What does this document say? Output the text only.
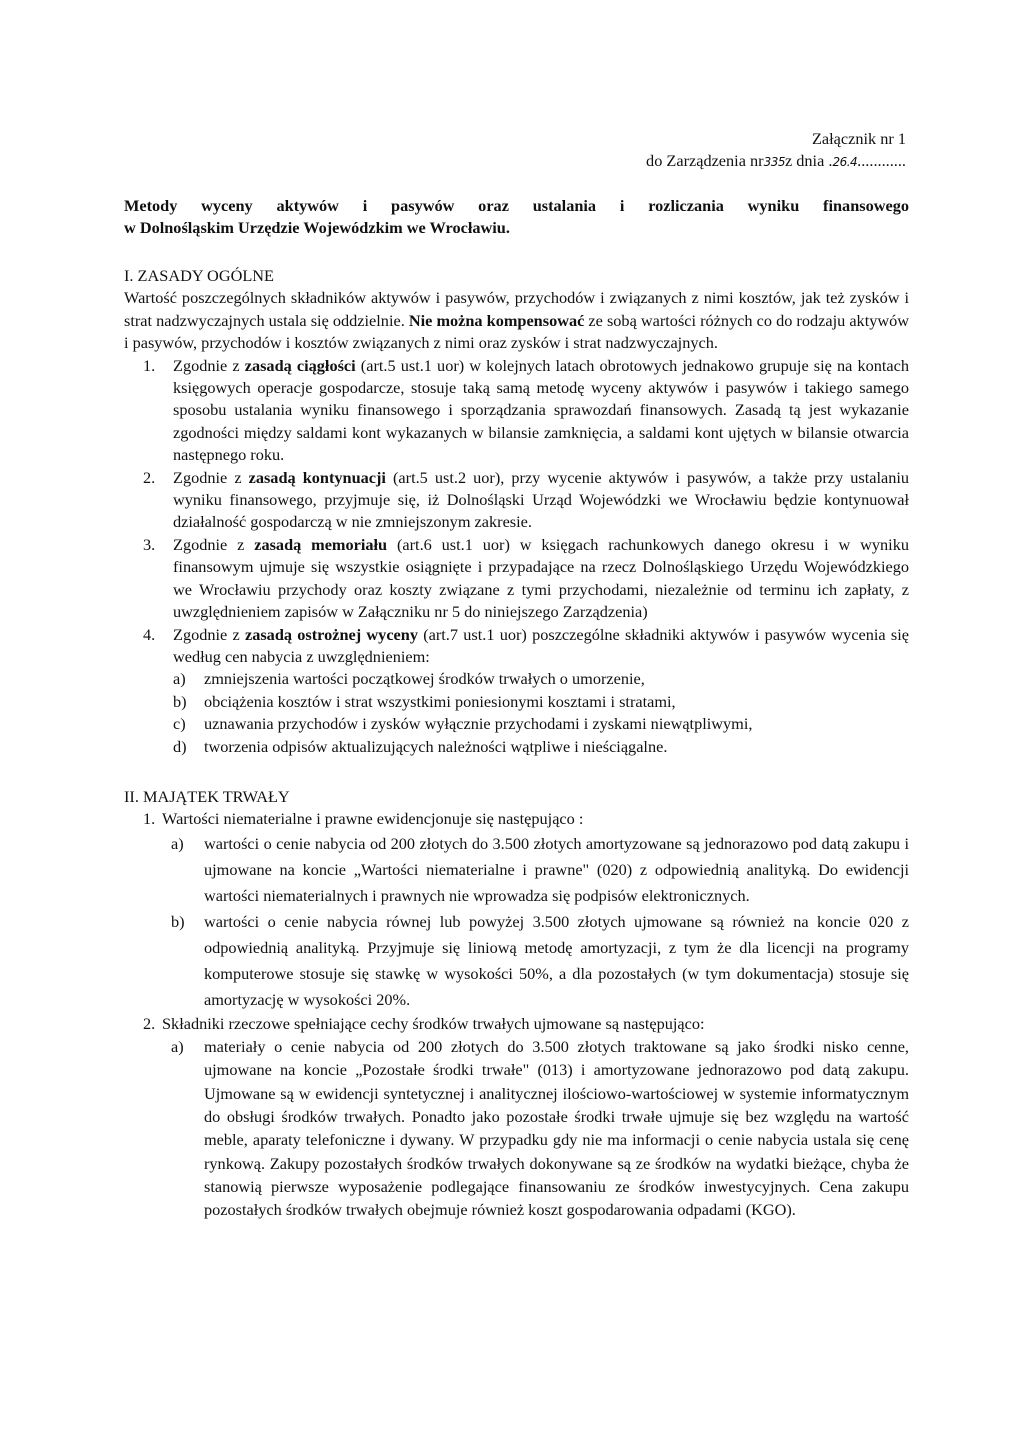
Załącznik nr 1
do Zarządzenia nr335z dnia .26.4............
Metody wyceny aktywów i pasywów oraz ustalania i rozliczania wyniku finansowego
w Dolnośląskim Urzędzie Wojewódzkim we Wrocławiu.

I. ZASADY OGÓLNE

Wartość poszczególnych składników aktywów i pasywów, przychodów i związanych z nimi kosztów, jak też zysków i strat nadzwyczajnych ustala się oddzielnie. Nie można kompensować ze sobą wartości różnych co do rodzaju aktywów i pasywów, przychodów i kosztów związanych z nimi oraz zysków i strat nadzwyczajnych.

1. Zgodnie z zasadą ciągłości (art.5 ust.1 uor) w kolejnych latach obrotowych jednakowo grupuje się na kontach księgowych operacje gospodarcze, stosuje taką samą metodę wyceny aktywów i pasywów i takiego samego sposobu ustalania wyniku finansowego i sporządzania sprawozdań finansowych. Zasadą tą jest wykazanie zgodności między saldami kont wykazanych w bilansie zamknięcia, a saldami kont ujętych w bilansie otwarcia następnego roku.
2. Zgodnie z zasadą kontynuacji (art.5 ust.2 uor), przy wycenie aktywów i pasywów, a także przy ustalaniu wyniku finansowego, przyjmuje się, iż Dolnośląski Urząd Wojewódzki we Wrocławiu będzie kontynuował działalność gospodarczą w nie zmniejszonym zakresie.
3. Zgodnie z zasadą memoriału (art.6 ust.1 uor) w księgach rachunkowych danego okresu i w wyniku finansowym ujmuje się wszystkie osiągnięte i przypadające na rzecz Dolnośląskiego Urzędu Wojewódzkiego we Wrocławiu przychody oraz koszty związane z tymi przychodami, niezależnie od terminu ich zapłaty, z uwzględnieniem zapisów w Załączniku nr 5 do niniejszego Zarządzenia)
4. Zgodnie z zasadą ostrożnej wyceny (art.7 ust.1 uor) poszczególne składniki aktywów i pasywów wycenia się według cen nabycia z uwzględnieniem:
a) zmniejszenia wartości początkowej środków trwałych o umorzenie,
b) obciążenia kosztów i strat wszystkimi poniesionymi kosztami i stratami,
c) uznawania przychodów i zysków wyłącznie przychodami i zyskami niewątpliwymi,
d) tworzenia odpisów aktualizujących należności wątpliwe i nieściągalne.

II. MAJĄTEK TRWAŁY

1. Wartości niematerialne i prawne ewidencjonuje się następująco :
a) wartości o cenie nabycia od 200 złotych do 3.500 złotych amortyzowane są jednorazowo pod datą zakupu i ujmowane na koncie „Wartości niematerialne i prawne" (020) z odpowiednią analityką. Do ewidencji wartości niematerialnych i prawnych nie wprowadza się podpisów elektronicznych.
b) wartości o cenie nabycia równej lub powyżej 3.500 złotych ujmowane są również na koncie 020 z odpowiednią analityką. Przyjmuje się liniową metodę amortyzacji, z tym że dla licencji na programy komputerowe stosuje się stawkę w wysokości 50%, a dla pozostałych (w tym dokumentacja) stosuje się amortyzację w wysokości 20%.
2. Składniki rzeczowe spełniające cechy środków trwałych ujmowane są następująco:
a) materiały o cenie nabycia od 200 złotych do 3.500 złotych traktowane są jako środki nisko cenne, ujmowane na koncie „Pozostałe środki trwałe" (013) i amortyzowane jednorazowo pod datą zakupu. Ujmowane są w ewidencji syntetycznej i analitycznej ilościowo-wartościowej w systemie informatycznym do obsługi środków trwałych. Ponadto jako pozostałe środki trwałe ujmuje się bez względu na wartość meble, aparaty telefoniczne i dywany. W przypadku gdy nie ma informacji o cenie nabycia ustala się cenę rynkową. Zakupy pozostałych środków trwałych dokonywane są ze środków na wydatki bieżące, chyba że stanowią pierwsze wyposażenie podlegające finansowaniu ze środków inwestycyjnych. Cena zakupu pozostałych środków trwałych obejmuje również koszt gospodarowania odpadami (KGO).
